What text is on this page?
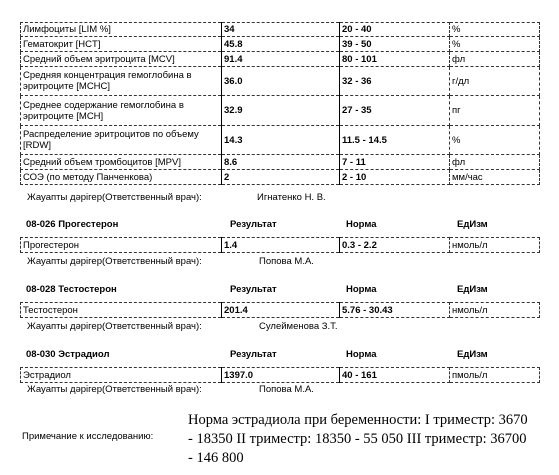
Лимфоциты [LIM %]	34	20 - 40	%
Гематокрит [HCT]	45.8	39 - 50	%
Средний объем эритроцита [MCV]	91.4	80 - 101	фл
Средняя концентрация гемоглобина в эритроците [MCHC]	36.0	32 - 36	г/дл
Среднее содержание гемоглобина в эритроците [MCH]	32.9	27 - 35	пг
Распределение эритроцитов по объему [RDW]	14.3	11.5 - 14.5	%
Средний объем тромбоцитов [MPV]	8.6	7 - 11	фл
СОЭ (по методу Панченкова)	2	2 - 10	мм/час
Жауапты дәрігер(Ответственный врач):	Игнатенко Н. В.
08-026 Прогестерон	Результат	Норма	ЕдИзм
Прогестерон	1.4	0.3 - 2.2	нмоль/л
Жауапты дәрігер(Ответственный врач):	Попова М.А.
08-028 Тестостерон	Результат	Норма	ЕдИзм
Тестостерон	201.4	5.76 - 30.43	нмоль/л
Жауапты дәрігер(Ответственный врач):	Сулейменова З.Т.
08-030 Эстрадиол	Результат	Норма	ЕдИзм
Эстрадиол	1397.0	40 - 161	пмоль/л
Жауапты дәрігер(Ответственный врач):	Попова М.А.
Примечание к исследованию:
Норма эстрадиола при беременности: I триместр: 3670 - 18350 II триместр: 18350 - 55 050 III триместр: 36700 - 146 800
